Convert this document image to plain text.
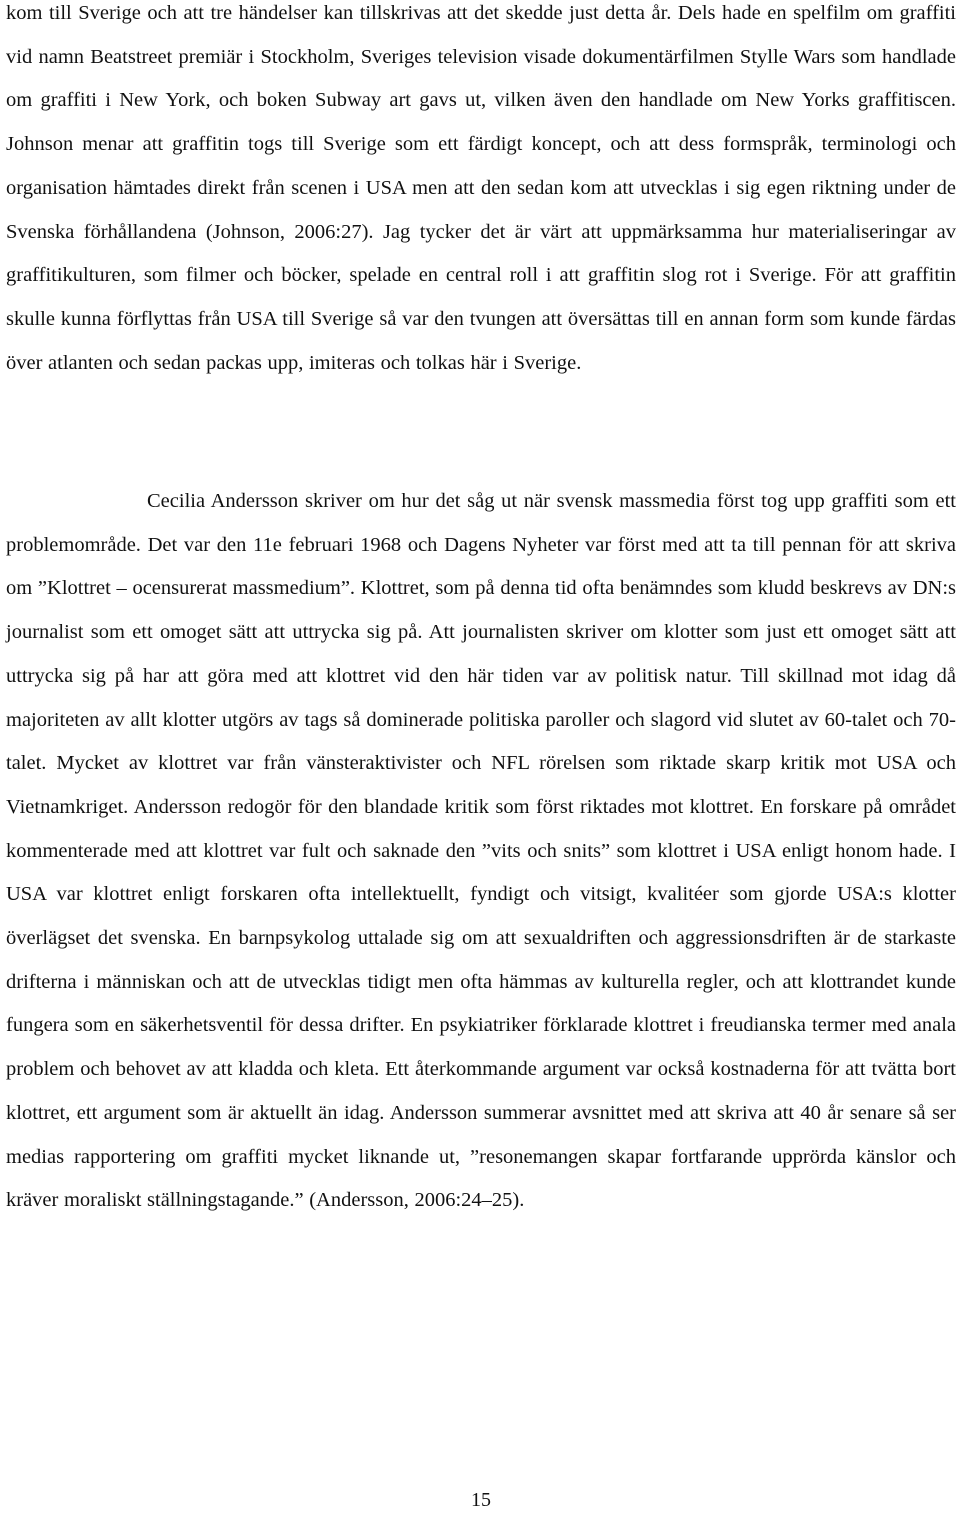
kom till Sverige och att tre händelser kan tillskrivas att det skedde just detta år. Dels hade en spelfilm om graffiti vid namn Beatstreet premiär i Stockholm, Sveriges television visade dokumentärfilmen Stylle Wars som handlade om graffiti i New York, och boken Subway art gavs ut, vilken även den handlade om New Yorks graffitiscen. Johnson menar att graffitin togs till Sverige som ett färdigt koncept, och att dess formspråk, terminologi och organisation hämtades direkt från scenen i USA men att den sedan kom att utvecklas i sig egen riktning under de Svenska förhållandena (Johnson, 2006:27). Jag tycker det är värt att uppmärksamma hur materialiseringar av graffitikulturen, som filmer och böcker, spelade en central roll i att graffitin slog rot i Sverige. För att graffitin skulle kunna förflyttas från USA till Sverige så var den tvungen att översättas till en annan form som kunde färdas över atlanten och sedan packas upp, imiteras och tolkas här i Sverige.

Cecilia Andersson skriver om hur det såg ut när svensk massmedia först tog upp graffiti som ett problemområde. Det var den 11e februari 1968 och Dagens Nyheter var först med att ta till pennan för att skriva om ”Klottret – ocensurerat massmedium”. Klottret, som på denna tid ofta benämndes som kludd beskrevs av DN:s journalist som ett omoget sätt att uttrycka sig på. Att journalisten skriver om klotter som just ett omoget sätt att uttrycka sig på har att göra med att klottret vid den här tiden var av politisk natur. Till skillnad mot idag då majoriteten av allt klotter utgörs av tags så dominerade politiska paroller och slagord vid slutet av 60-talet och 70-talet. Mycket av klottret var från vänsteraktivister och NFL rörelsen som riktade skarp kritik mot USA och Vietnamkriget. Andersson redogör för den blandade kritik som först riktades mot klottret. En forskare på området kommenterade med att klottret var fult och saknade den ”vits och snits” som klottret i USA enligt honom hade. I USA var klottret enligt forskaren ofta intellektuellt, fyndigt och vitsigt, kvalitéer som gjorde USA:s klotter överlägset det svenska. En barnpsykolog uttalade sig om att sexualdriften och aggressionsdriften är de starkaste drifterna i människan och att de utvecklas tidigt men ofta hämmas av kulturella regler, och att klottrandet kunde fungera som en säkerhetsventil för dessa drifter. En psykiatriker förklarade klottret i freudianska termer med anala problem och behovet av att kladda och kleta. Ett återkommande argument var också kostnaderna för att tvätta bort klottret, ett argument som är aktuellt än idag. Andersson summerar avsnittet med att skriva att 40 år senare så ser medias rapportering om graffiti mycket liknande ut, ”resonemangen skapar fortfarande upprörda känslor och kräver moraliskt ställningstagande.” (Andersson, 2006:24–25).

15
